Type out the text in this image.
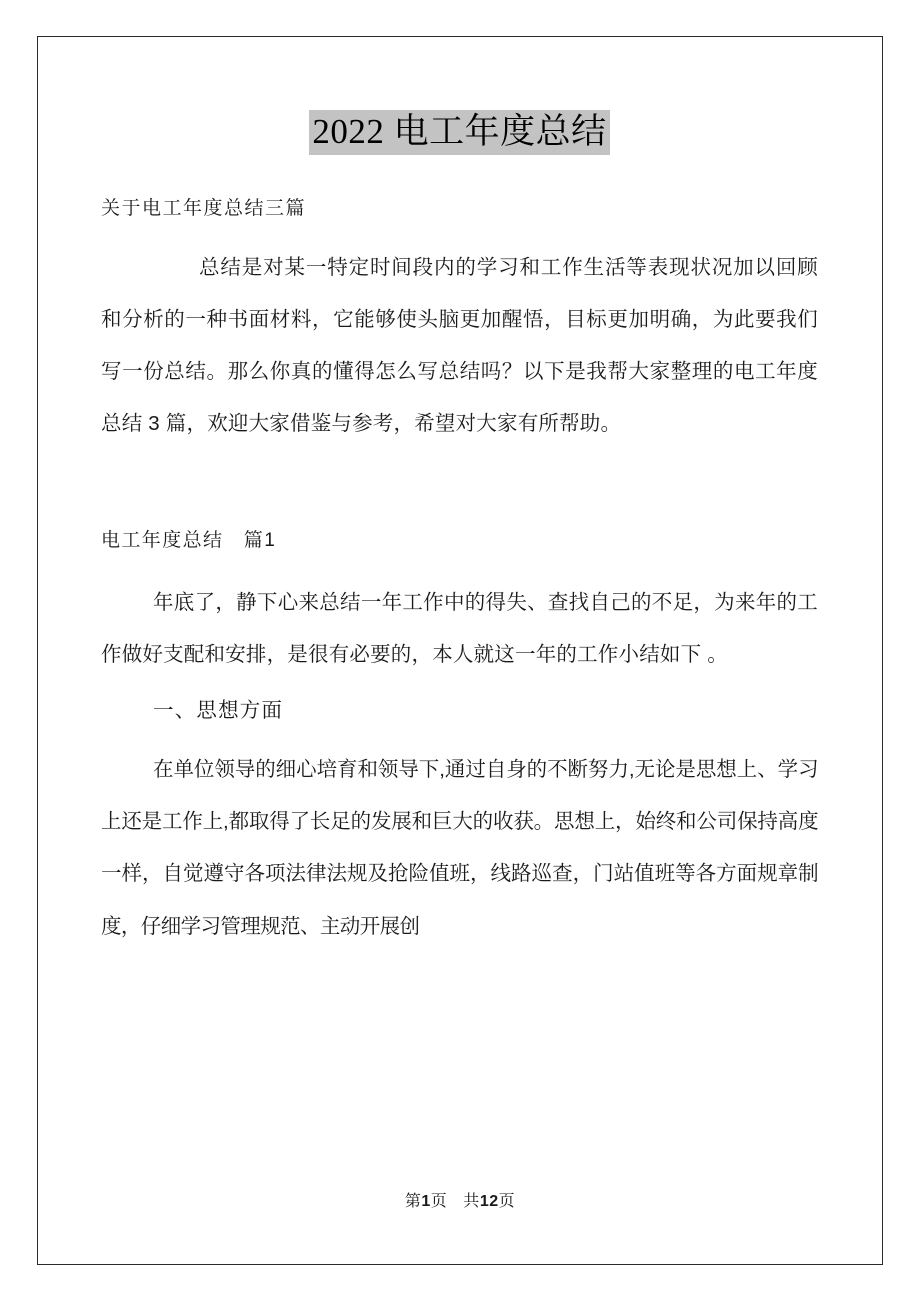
2022 电工年度总结
关于电工年度总结三篇

总结是对某一特定时间段内的学习和工作生活等表现状况加以回顾和分析的一种书面材料，它能够使头脑更加醒悟，目标更加明确，为此要我们写一份总结。那么你真的懂得怎么写总结吗？以下是我帮大家整理的电工年度总结 3 篇，欢迎大家借鉴与参考，希望对大家有所帮助。

电工年度总结　篇1

年底了，静下心来总结一年工作中的得失、查找自己的不足，为来年的工作做好支配和安排，是很有必要的，本人就这一年的工作小结如下 。

一、思想方面

在单位领导的细心培育和领导下,通过自身的不断努力,无论是思想上、学习上还是工作上,都取得了长足的发展和巨大的收获。思想上，始终和公司保持高度一样，自觉遵守各项法律法规及抢险值班，线路巡查，门站值班等各方面规章制度，仔细学习管理规范、主动开展创

第1页 共12页
